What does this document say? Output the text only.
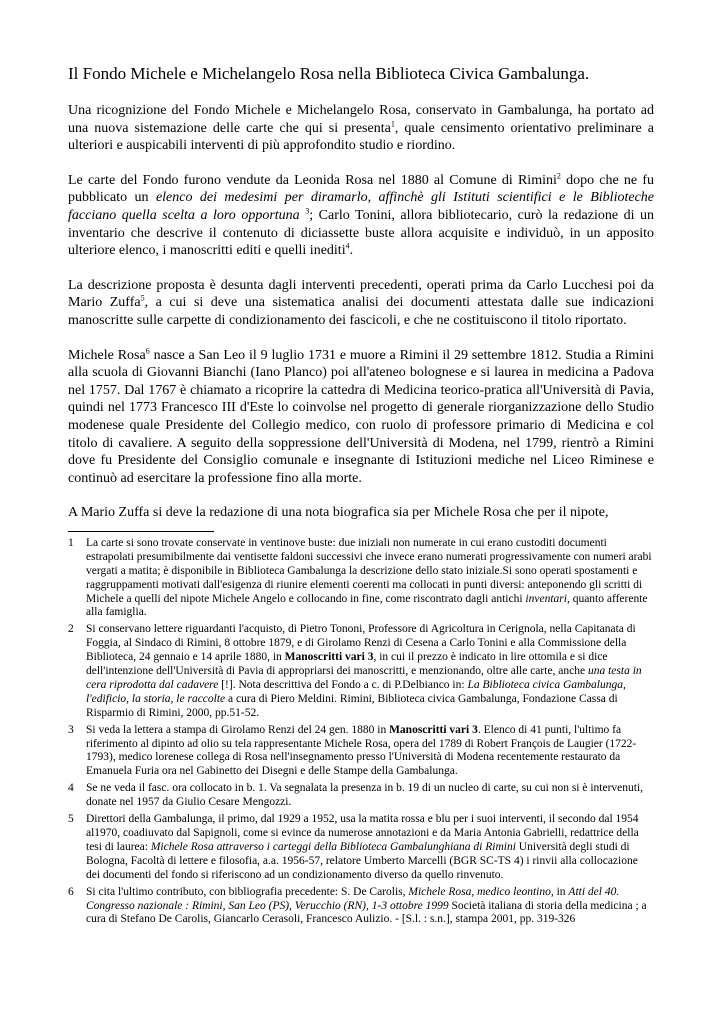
Il Fondo Michele e Michelangelo Rosa nella Biblioteca Civica Gambalunga.

Una ricognizione del Fondo Michele e Michelangelo Rosa, conservato in Gambalunga, ha portato ad una nuova sistemazione delle carte che qui si presenta$^1$, quale censimento orientativo preliminare a ulteriori e auspicabili interventi di più approfondito studio e riordino.

Le carte del Fondo furono vendute da Leonida Rosa nel 1880 al Comune di Rimini$^2$ dopo che ne fu pubblicato un elenco dei medesimi per diramarlo, affinchè gli Istituti scientifici e le Biblioteche facciano quella scelta a loro opportuna $^3$; Carlo Tonini, allora bibliotecario, curò la redazione di un inventario che descrive il contenuto di diciassette buste allora acquisite e individuò, in un apposito ulteriore elenco, i manoscritti editi e quelli inediti$^4$.

La descrizione proposta è desunta dagli interventi precedenti, operati prima da Carlo Lucchesi poi da Mario Zuffa$^5$, a cui si deve una sistematica analisi dei documenti attestata dalle sue indicazioni manoscritte sulle carpette di condizionamento dei fascicoli, e che ne costituiscono il titolo riportato.

Michele Rosa$^6$ nasce a San Leo il 9 luglio 1731 e muore a Rimini il 29 settembre 1812. Studia a Rimini alla scuola di Giovanni Bianchi (Iano Planco) poi all'ateneo bolognese e si laurea in medicina a Padova nel 1757. Dal 1767 è chiamato a ricoprire la cattedra di Medicina teorico-pratica all'Università di Pavia, quindi nel 1773 Francesco III d'Este lo coinvolse nel progetto di generale riorganizzazione dello Studio modenese quale Presidente del Collegio medico, con ruolo di professore primario di Medicina e col titolo di cavaliere. A seguito della soppressione dell'Università di Modena, nel 1799, rientrò a Rimini dove fu Presidente del Consiglio comunale e insegnante di Istituzioni mediche nel Liceo Riminese e continuò ad esercitare la professione fino alla morte.

A Mario Zuffa si deve la redazione di una nota biografica sia per Michele Rosa che per il nipote,

1 La carte si sono trovate conservate in ventinove buste: due iniziali non numerate in cui erano custoditi documenti estrapolati presumibilmente dai ventisette faldoni successivi che invece erano numerati progressivamente con numeri arabi vergati a matita; è disponibile in Biblioteca Gambalunga la descrizione dello stato iniziale.Si sono operati spostamenti e raggruppamenti motivati dall'esigenza di riunire elementi coerenti ma collocati in punti diversi: anteponendo gli scritti di Michele a quelli del nipote Michele Angelo e collocando in fine, come riscontrato dagli antichi inventari, quanto afferente alla famiglia.
2 Si conservano lettere riguardanti l'acquisto, di Pietro Tononi, Professore di Agricoltura in Cerignola, nella Capitanata di Foggia, al Sindaco di Rimini, 8 ottobre 1879, e di Girolamo Renzi di Cesena a Carlo Tonini e alla Commissione della Biblioteca, 24 gennaio e 14 aprile 1880, in Manoscritti vari 3, in cui il prezzo è indicato in lire ottomila e si dice dell'intenzione dell'Università di Pavia di appropriarsi dei manoscritti, e menzionando, oltre alle carte, anche una testa in cera riprodotta dal cadavere [!]. Nota descrittiva del Fondo a c. di P.Delbianco in: La Biblioteca civica Gambalunga, l'edificio, la storia, le raccolte a cura di Piero Meldini. Rimini, Biblioteca civica Gambalunga, Fondazione Cassa di Risparmio di Rimini, 2000, pp.51-52.
3 Si veda la lettera a stampa di Girolamo Renzi del 24 gen. 1880 in Manoscritti vari 3. Elenco di 41 punti, l'ultimo fa riferimento al dipinto ad olio su tela rappresentante Michele Rosa, opera del 1789 di Robert François de Laugier (1722-1793), medico lorenese collega di Rosa nell'insegnamento presso l'Università di Modena recentemente restaurato da Emanuela Furia ora nel Gabinetto dei Disegni e delle Stampe della Gambalunga.
4 Se ne veda il fasc. ora collocato in b. 1. Va segnalata la presenza in b. 19 di un nucleo di carte, su cui non si è intervenuti, donate nel 1957 da Giulio Cesare Mengozzi.
5 Direttori della Gambalunga, il primo, dal 1929 a 1952, usa la matita rossa e blu per i suoi interventi, il secondo dal 1954 al1970, coadiuvato dal Sapignoli, come si evince da numerose annotazioni e da Maria Antonia Gabrielli, redattrice della tesi di laurea: Michele Rosa attraverso i carteggi della Biblioteca Gambalunghiana di Rimini Università degli studi di Bologna, Facoltà di lettere e filosofia, a.a. 1956-57, relatore Umberto Marcelli (BGR SC-TS 4) i rinvii alla collocazione dei documenti del fondo si riferiscono ad un condizionamento diverso da quello rinvenuto.
6 Si cita l'ultimo contributo, con bibliografia precedente: S. De Carolis, Michele Rosa, medico leontino, in Atti del 40. Congresso nazionale : Rimini, San Leo (PS), Verucchio (RN), 1-3 ottobre 1999 Società italiana di storia della medicina ; a cura di Stefano De Carolis, Giancarlo Cerasoli, Francesco Aulizio. - [S.l. : s.n.], stampa 2001, pp. 319-326
